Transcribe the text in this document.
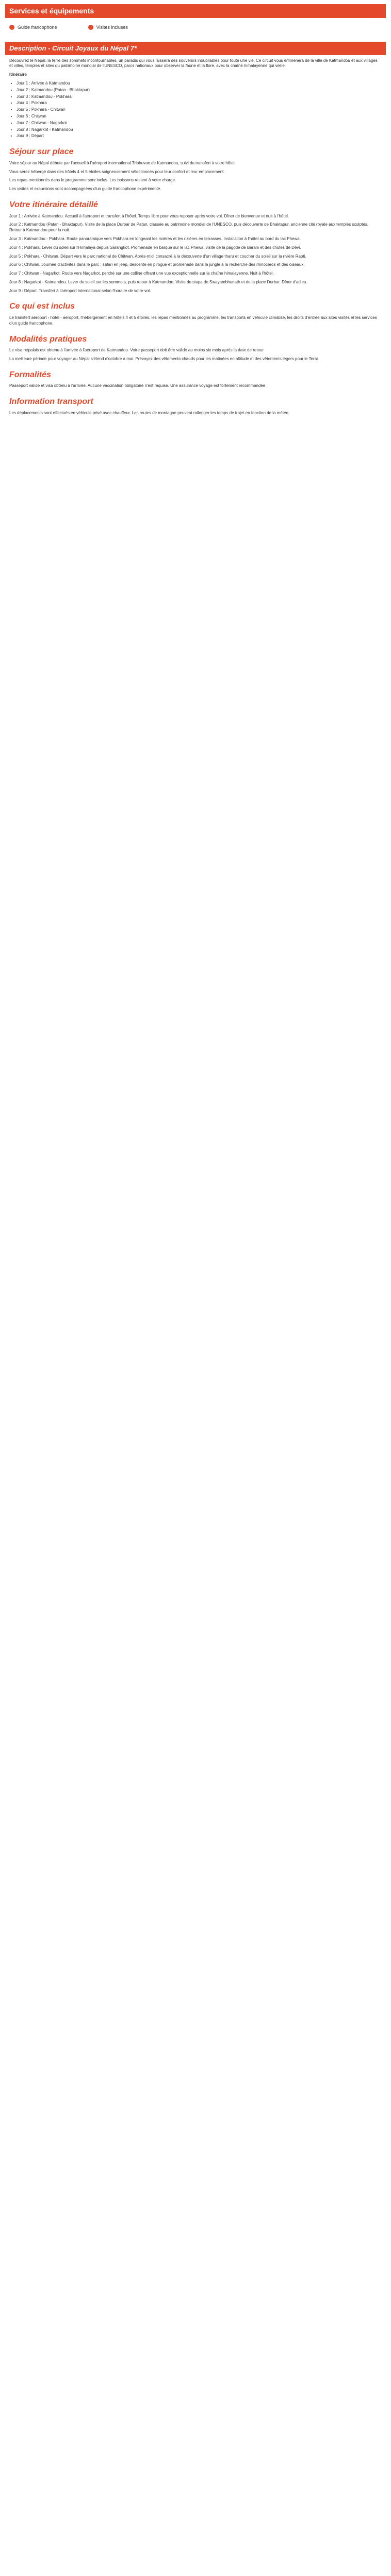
Services et équipements
Guide francophone	Visites incluses
Description - Circuit Joyaux du Népal 7*

Découvrez le Népal, la terre des sommets incontournables, un paradis qui vous laissera des souvenirs inoubliables pour toute une vie. Ce circuit vous emmènera de la ville de Katmandou et aux villages et villes, temples et sites du patrimoine mondial de l'UNESCO, parcs nationaux pour observer la faune et la flore, avec la chaîne himalayenne qui veille.

Itinéraire

• Jour 1 : Arrivée à Katmandou
• Jour 2 : Katmandou (Patan - Bhaktapur)
• Jour 3 : Katmandou - Pokhara
• Jour 4 : Pokhara
• Jour 5 : Pokhara - Chitwan
• Jour 6 : Chitwan
• Jour 7 : Chitwan - Nagarkot
• Jour 8 : Nagarkot - Katmandou
• Jour 9 : Départ
Séjour sur place

Votre séjour au Népal débute par l'accueil à l'aéroport international Tribhuvan de Katmandou, suivi du transfert à votre hôtel.

Vous serez hébergé dans des hôtels 4 et 5 étoiles soigneusement sélectionnés pour leur confort et leur emplacement.

Les repas mentionnés dans le programme sont inclus. Les boissons restent à votre charge.

Les visites et excursions sont accompagnées d'un guide francophone expérimenté.

Votre itinéraire détaillé

Jour 1 : Arrivée à Katmandou. Accueil à l'aéroport et transfert à l'hôtel. Temps libre pour vous reposer après votre vol. Dîner de bienvenue et nuit à l'hôtel.

Jour 2 : Katmandou (Patan - Bhaktapur). Visite de la place Durbar de Patan, classée au patrimoine mondial de l'UNESCO, puis découverte de Bhaktapur, ancienne cité royale aux temples sculptés. Retour à Katmandou pour la nuit.

Jour 3 : Katmandou - Pokhara. Route panoramique vers Pokhara en longeant les rivières et les rizières en terrasses. Installation à l'hôtel au bord du lac Phewa.

Jour 4 : Pokhara. Lever du soleil sur l'Himalaya depuis Sarangkot. Promenade en barque sur le lac Phewa, visite de la pagode de Barahi et des chutes de Devi.

Jour 5 : Pokhara - Chitwan. Départ vers le parc national de Chitwan. Après-midi consacré à la découverte d'un village tharu et coucher du soleil sur la rivière Rapti.

Jour 6 : Chitwan. Journée d'activités dans le parc : safari en jeep, descente en pirogue et promenade dans la jungle à la recherche des rhinocéros et des oiseaux.

Jour 7 : Chitwan - Nagarkot. Route vers Nagarkot, perché sur une colline offrant une vue exceptionnelle sur la chaîne himalayenne. Nuit à l'hôtel.

Jour 8 : Nagarkot - Katmandou. Lever du soleil sur les sommets, puis retour à Katmandou. Visite du stupa de Swayambhunath et de la place Durbar. Dîner d'adieu.

Jour 9 : Départ. Transfert à l'aéroport international selon l'horaire de votre vol.

Ce qui est inclus

Le transfert aéroport - hôtel - aéroport, l'hébergement en hôtels 4 et 5 étoiles, les repas mentionnés au programme, les transports en véhicule climatisé, les droits d'entrée aux sites visités et les services d'un guide francophone.

Modalités pratiques

Le visa népalais est obtenu à l'arrivée à l'aéroport de Katmandou. Votre passeport doit être valide au moins six mois après la date de retour.

La meilleure période pour voyager au Népal s'étend d'octobre à mai. Prévoyez des vêtements chauds pour les matinées en altitude et des vêtements légers pour le Terai.

Formalités

Passeport valide et visa obtenu à l'arrivée. Aucune vaccination obligatoire n'est requise. Une assurance voyage est fortement recommandée.

Information transport

Les déplacements sont effectués en véhicule privé avec chauffeur. Les routes de montagne peuvent rallonger les temps de trajet en fonction de la météo.
